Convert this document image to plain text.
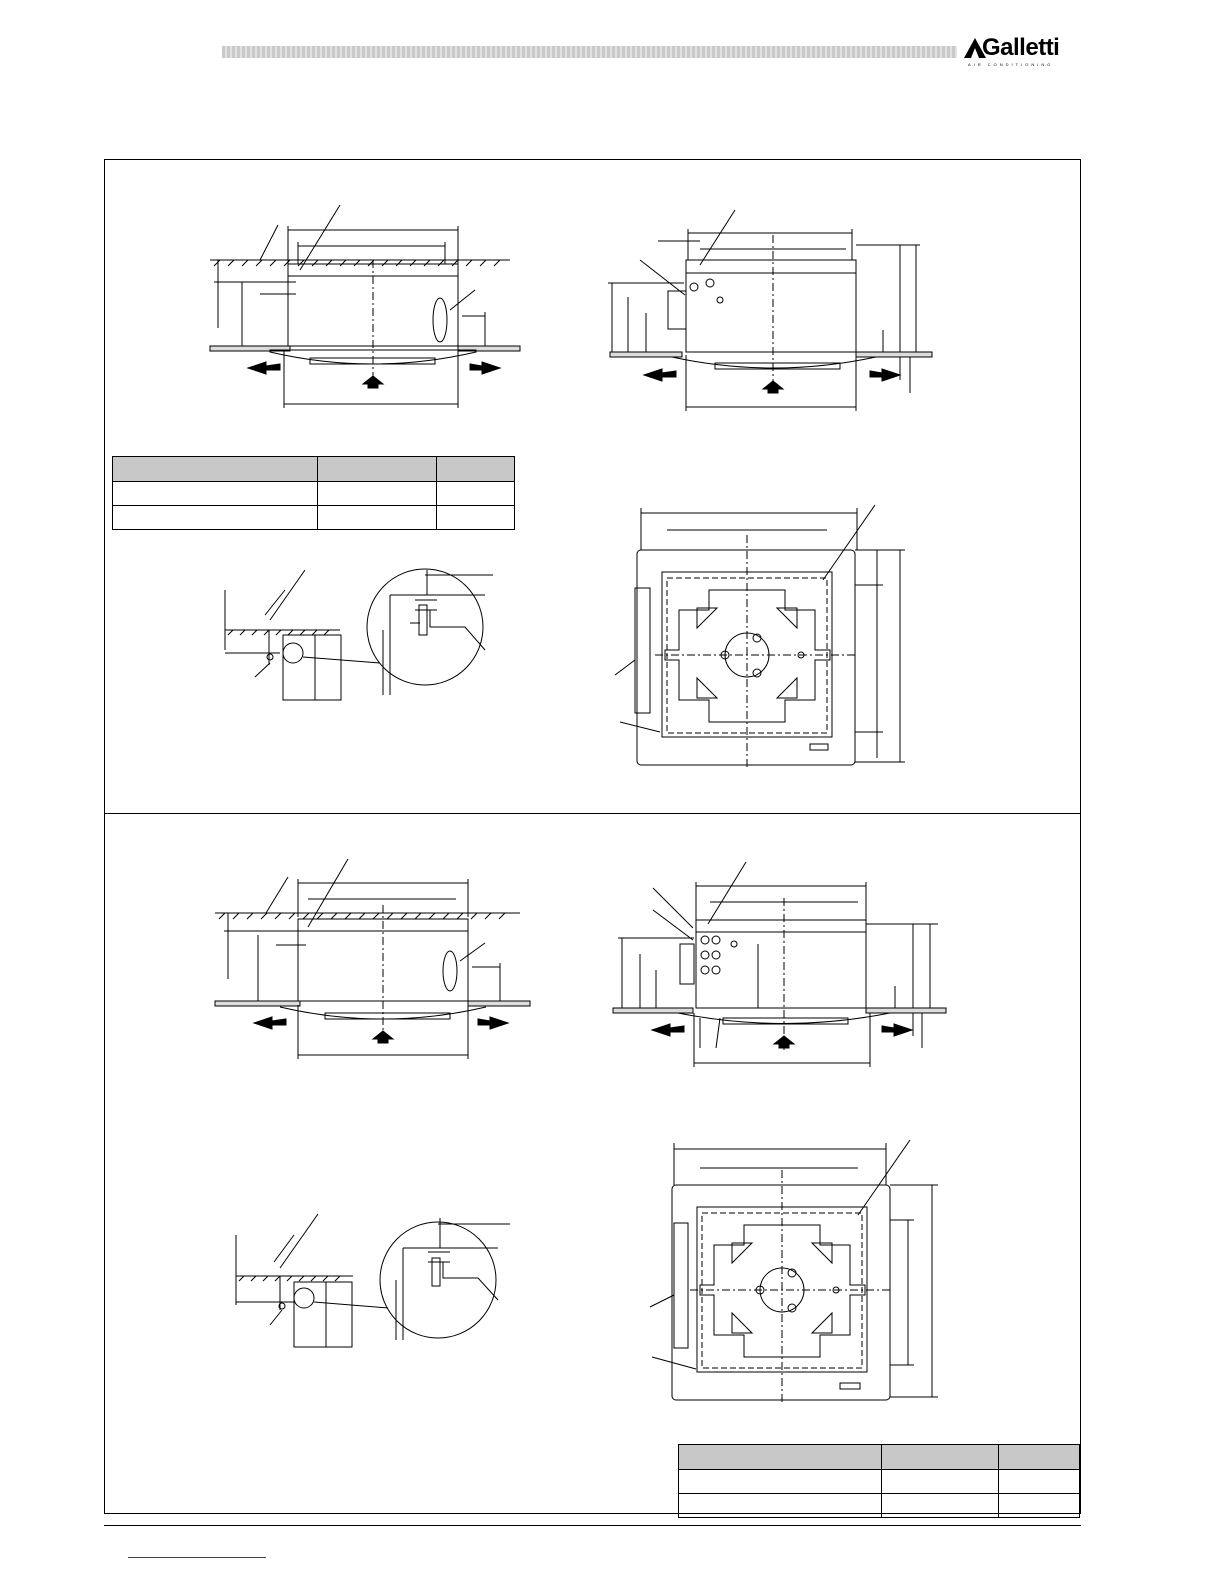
Galletti
AIR CONDITIONING
